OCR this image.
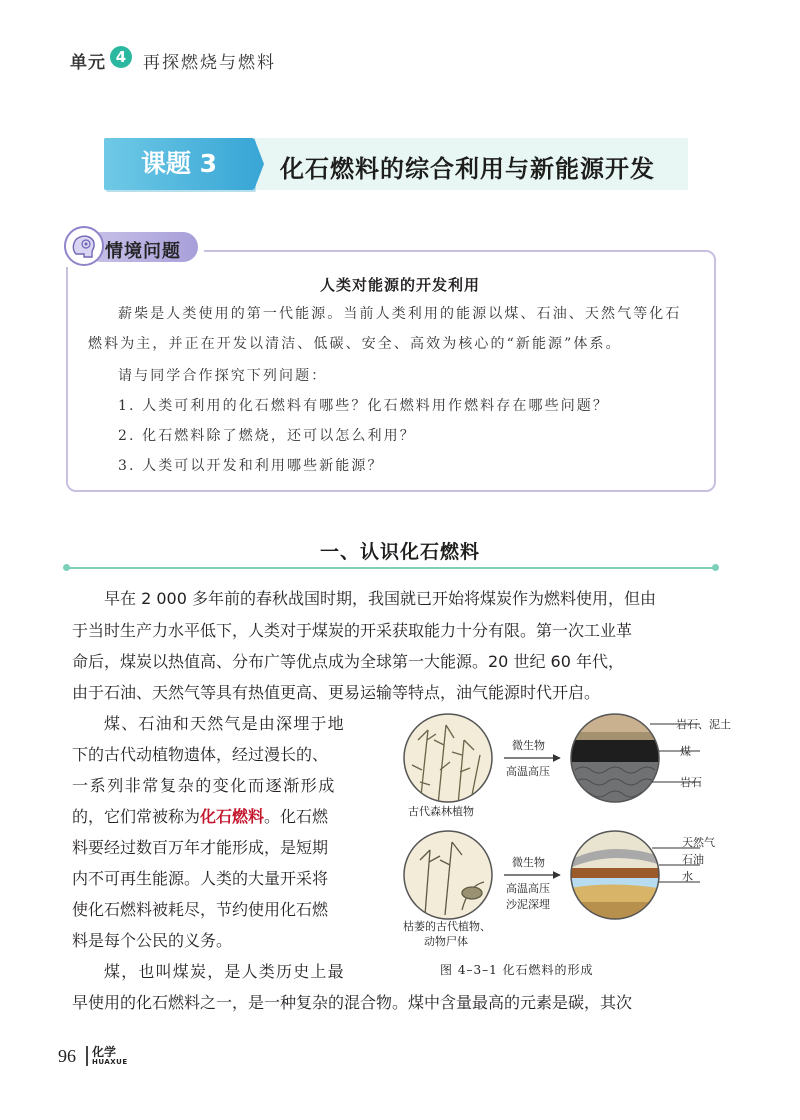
单元 4 再探燃烧与燃料
课题 3	化石燃料的综合利用与新能源开发
情境问题
人类对能源的开发利用
薪柴是人类使用的第一代能源。当前人类利用的能源以煤、石油、天然气等化石
燃料为主，并正在开发以清洁、低碳、安全、高效为核心的“新能源”体系。
请与同学合作探究下列问题：
1. 人类可利用的化石燃料有哪些？化石燃料用作燃料存在哪些问题？
2. 化石燃料除了燃烧，还可以怎么利用？
3. 人类可以开发和利用哪些新能源？
一、认识化石燃料
早在 2 000 多年前的春秋战国时期，我国就已开始将煤炭作为燃料使用，但由
于当时生产力水平低下，人类对于煤炭的开采获取能力十分有限。第一次工业革
命后，煤炭以热值高、分布广等优点成为全球第一大能源。20 世纪 60 年代，
由于石油、天然气等具有热值更高、更易运输等特点，油气能源时代开启。
煤、石油和天然气是由深埋于地
下的古代动植物遗体，经过漫长的、
一系列非常复杂的变化而逐渐形成
的，它们常被称为化石燃料。化石燃
料要经过数百万年才能形成，是短期
内不可再生能源。人类的大量开采将
使化石燃料被耗尽，节约使用化石燃
料是每个公民的义务。
煤，也叫煤炭，是人类历史上最
早使用的化石燃料之一，是一种复杂的混合物。煤中含量最高的元素是碳，其次
古代森林植物
微生物
高温高压
岩石、泥土
煤
岩石
枯萎的古代植物、
动物尸体
微生物
高温高压
沙泥深埋
天然气
石油
水
图 4–3–1 化石燃料的形成
96 化学
HUAXUE
